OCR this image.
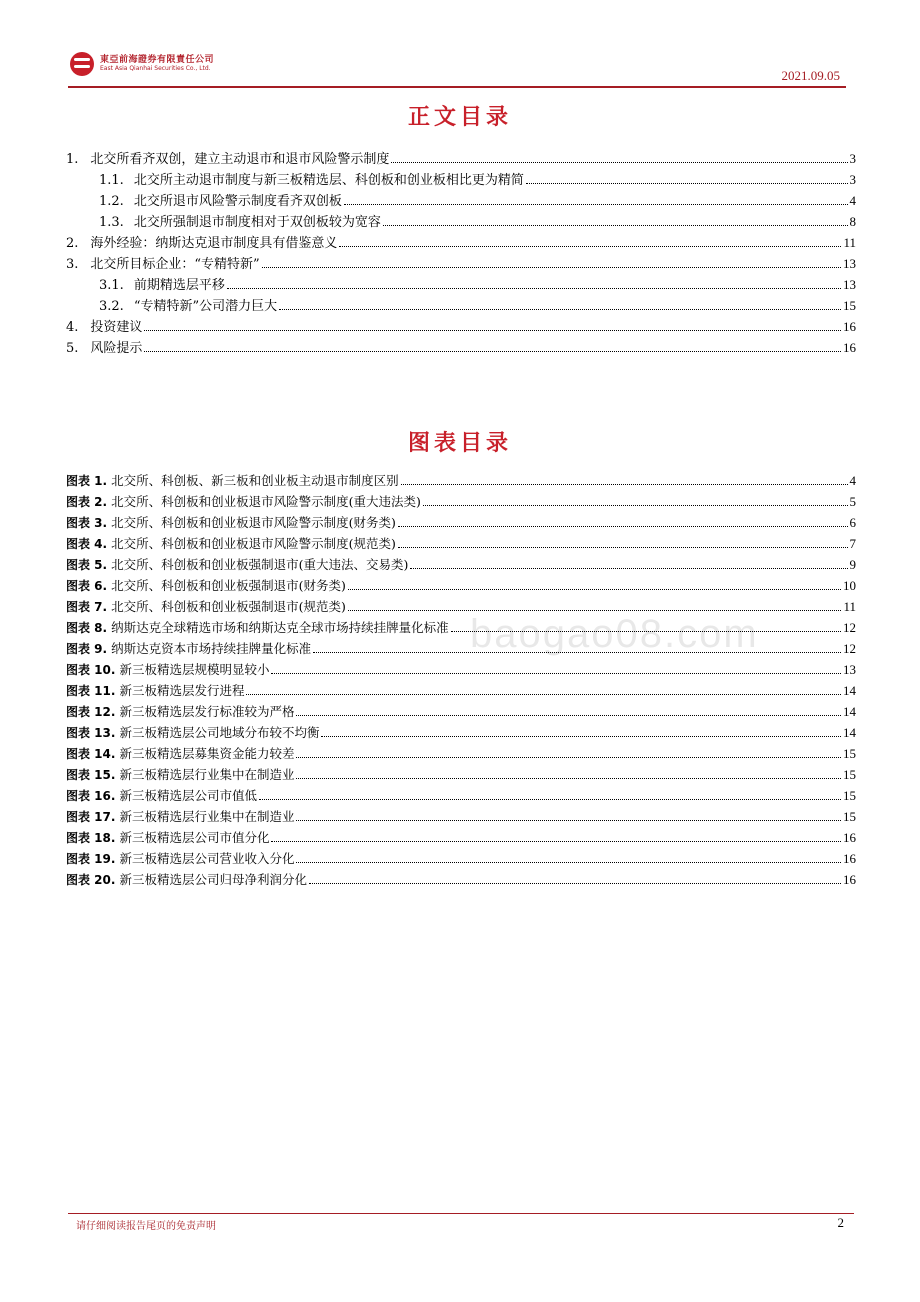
東亞前海證券有限責任公司
East Asia Qianhai Securities Co., Ltd.	2021.09.05
正文目录
1. 北交所看齐双创，建立主动退市和退市风险警示制度	3
1.1. 北交所主动退市制度与新三板精选层、科创板和创业板相比更为精简	3
1.2. 北交所退市风险警示制度看齐双创板	4
1.3. 北交所强制退市制度相对于双创板较为宽容	8
2. 海外经验：纳斯达克退市制度具有借鉴意义	11
3. 北交所目标企业：“专精特新”	13
3.1. 前期精选层平移	13
3.2. “专精特新”公司潜力巨大	15
4. 投资建议	16
5. 风险提示	16
图表目录
图表 1. 北交所、科创板、新三板和创业板主动退市制度区别	4
图表 2. 北交所、科创板和创业板退市风险警示制度(重大违法类)	5
图表 3. 北交所、科创板和创业板退市风险警示制度(财务类)	6
图表 4. 北交所、科创板和创业板退市风险警示制度(规范类)	7
图表 5. 北交所、科创板和创业板强制退市(重大违法、交易类)	9
图表 6. 北交所、科创板和创业板强制退市(财务类)	10
图表 7. 北交所、科创板和创业板强制退市(规范类)	11
图表 8. 纳斯达克全球精选市场和纳斯达克全球市场持续挂牌量化标准	12
图表 9. 纳斯达克资本市场持续挂牌量化标准	12
图表 10. 新三板精选层规模明显较小	13
图表 11. 新三板精选层发行进程	14
图表 12. 新三板精选层发行标准较为严格	14
图表 13. 新三板精选层公司地域分布较不均衡	14
图表 14. 新三板精选层募集资金能力较差	15
图表 15. 新三板精选层行业集中在制造业	15
图表 16. 新三板精选层公司市值低	15
图表 17. 新三板精选层行业集中在制造业	15
图表 18. 新三板精选层公司市值分化	16
图表 19. 新三板精选层公司营业收入分化	16
图表 20. 新三板精选层公司归母净利润分化	16
baogao08.com
请仔细阅读报告尾页的免责声明	2
